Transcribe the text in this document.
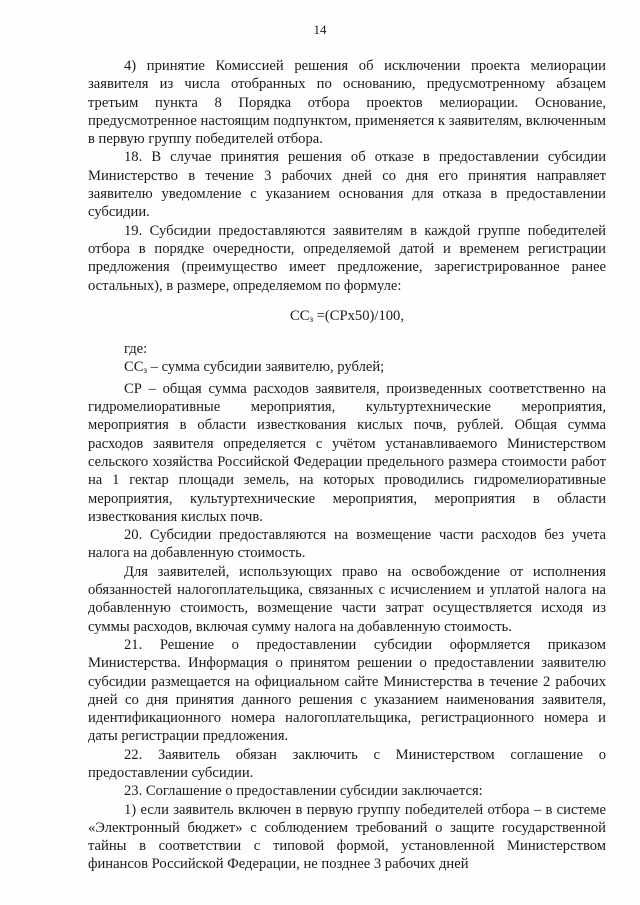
14

4) принятие Комиссией решения об исключении проекта мелиорации заявителя из числа отобранных по основанию, предусмотренному абзацем третьим пункта 8 Порядка отбора проектов мелиорации. Основание, предусмотренное настоящим подпунктом, применяется к заявителям, включенным в первую группу победителей отбора.

18. В случае принятия решения об отказе в предоставлении субсидии Министерство в течение 3 рабочих дней со дня его принятия направляет заявителю уведомление с указанием основания для отказа в предоставлении субсидии.

19. Субсидии предоставляются заявителям в каждой группе победителей отбора в порядке очередности, определяемой датой и временем регистрации предложения (преимущество имеет предложение, зарегистрированное ранее остальных), в размере, определяемом по формуле:

$СС_з =(СРх50)/100$,

где:

$СС_з$ – сумма субсидии заявителю, рублей;

СР – общая сумма расходов заявителя, произведенных соответственно на гидромелиоративные мероприятия, культуртехнические мероприятия, мероприятия в области известкования кислых почв, рублей. Общая сумма расходов заявителя определяется с учётом устанавливаемого Министерством сельского хозяйства Российской Федерации предельного размера стоимости работ на 1 гектар площади земель, на которых проводились гидромелиоративные мероприятия, культуртехнические мероприятия, мероприятия в области известкования кислых почв.

20. Субсидии предоставляются на возмещение части расходов без учета налога на добавленную стоимость.

Для заявителей, использующих право на освобождение от исполнения обязанностей налогоплательщика, связанных с исчислением и уплатой налога на добавленную стоимость, возмещение части затрат осуществляется исходя из суммы расходов, включая сумму налога на добавленную стоимость.

21. Решение о предоставлении субсидии оформляется приказом Министерства. Информация о принятом решении о предоставлении заявителю субсидии размещается на официальном сайте Министерства в течение 2 рабочих дней со дня принятия данного решения с указанием наименования заявителя, идентификационного номера налогоплательщика, регистрационного номера и даты регистрации предложения.

22. Заявитель обязан заключить с Министерством соглашение о предоставлении субсидии.

23. Соглашение о предоставлении субсидии заключается:

1) если заявитель включен в первую группу победителей отбора – в системе «Электронный бюджет» с соблюдением требований о защите государственной тайны в соответствии с типовой формой, установленной Министерством финансов Российской Федерации, не позднее 3 рабочих дней
